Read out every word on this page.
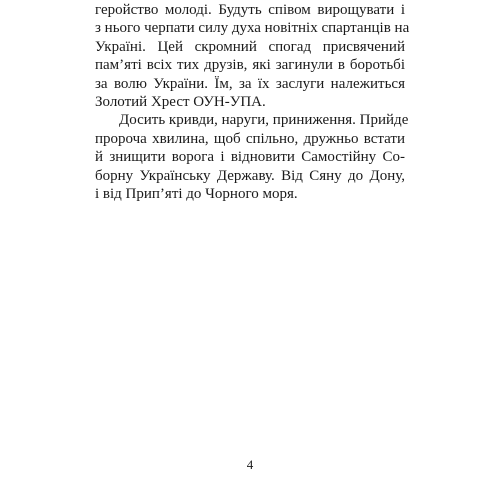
геройство молоді. Будуть співом вирощувати і
з нього черпати силу духа новітніх спартанців на
Україні. Цей скромний спогад присвячений
пам’яті всіх тих друзів, які загинули в боротьбі
за волю України. Їм, за їх заслуги належиться
Золотий Хрест ОУН-УПА.
Досить кривди, наруги, приниження. Прийде
пророча хвилина, щоб спільно, дружньо встати
й знищити ворога і відновити Самостійну Со-
борну Українську Державу. Від Сяну до Дону,
і від Прип’яті до Чорного моря.
4
